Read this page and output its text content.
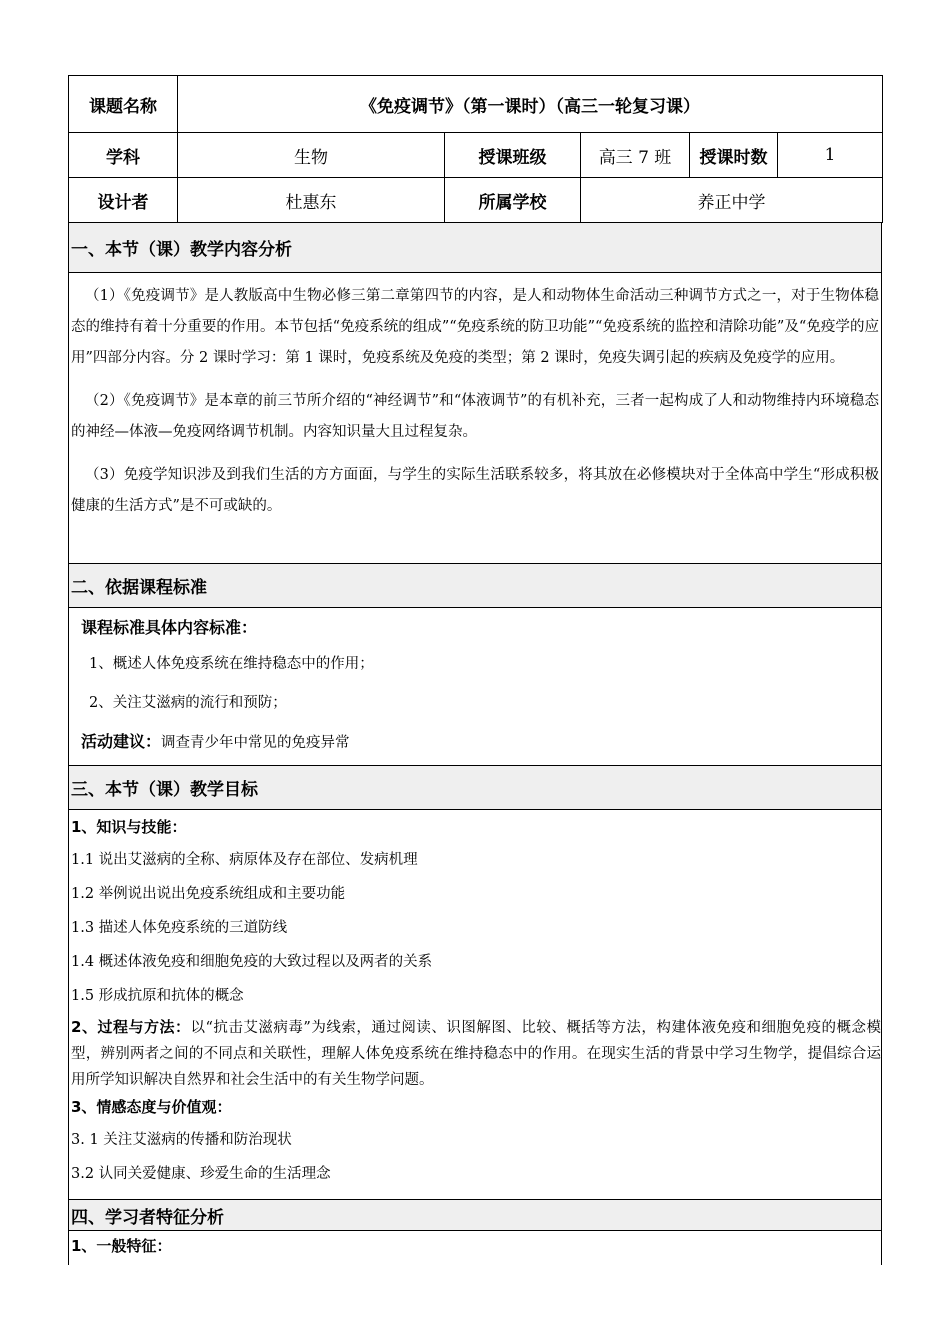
课题名称	《免疫调节》（第一课时）（高三一轮复习课）				
学科	生物	授课班级	高三 7 班	授课时数	1
设计者	杜惠东	所属学校	养正中学		
一、本节（课）教学内容分析

（1）《免疫调节》是人教版高中生物必修三第二章第四节的内容，是人和动物体生命活动三种调节方式之一，对于生物体稳态的维持有着十分重要的作用。本节包括“免疫系统的组成”“免疫系统的防卫功能”“免疫系统的监控和清除功能”及“免疫学的应用”四部分内容。分 2 课时学习：第 1 课时，免疫系统及免疫的类型；第 2 课时，免疫失调引起的疾病及免疫学的应用。

（2）《免疫调节》是本章的前三节所介绍的“神经调节”和“体液调节”的有机补充，三者一起构成了人和动物维持内环境稳态的神经—体液—免疫网络调节机制。内容知识量大且过程复杂。

（3）免疫学知识涉及到我们生活的方方面面，与学生的实际生活联系较多，将其放在必修模块对于全体高中学生“形成积极健康的生活方式”是不可或缺的。

二、依据课程标准

课程标准具体内容标准：

1、概述人体免疫系统在维持稳态中的作用；

2、关注艾滋病的流行和预防；

活动建议：调查青少年中常见的免疫异常

三、本节（课）教学目标

1、知识与技能：

1.1 说出艾滋病的全称、病原体及存在部位、发病机理

1.2 举例说出说出免疫系统组成和主要功能

1.3 描述人体免疫系统的三道防线

1.4 概述体液免疫和细胞免疫的大致过程以及两者的关系

1.5 形成抗原和抗体的概念

2、过程与方法：以“抗击艾滋病毒”为线索，通过阅读、识图解图、比较、概括等方法，构建体液免疫和细胞免疫的概念模型，辨别两者之间的不同点和关联性，理解人体免疫系统在维持稳态中的作用。在现实生活的背景中学习生物学，提倡综合运用所学知识解决自然界和社会生活中的有关生物学问题。

3、情感态度与价值观：

3. 1 关注艾滋病的传播和防治现状

3.2 认同关爱健康、珍爱生命的生活理念

四、学习者特征分析

1、一般特征：
